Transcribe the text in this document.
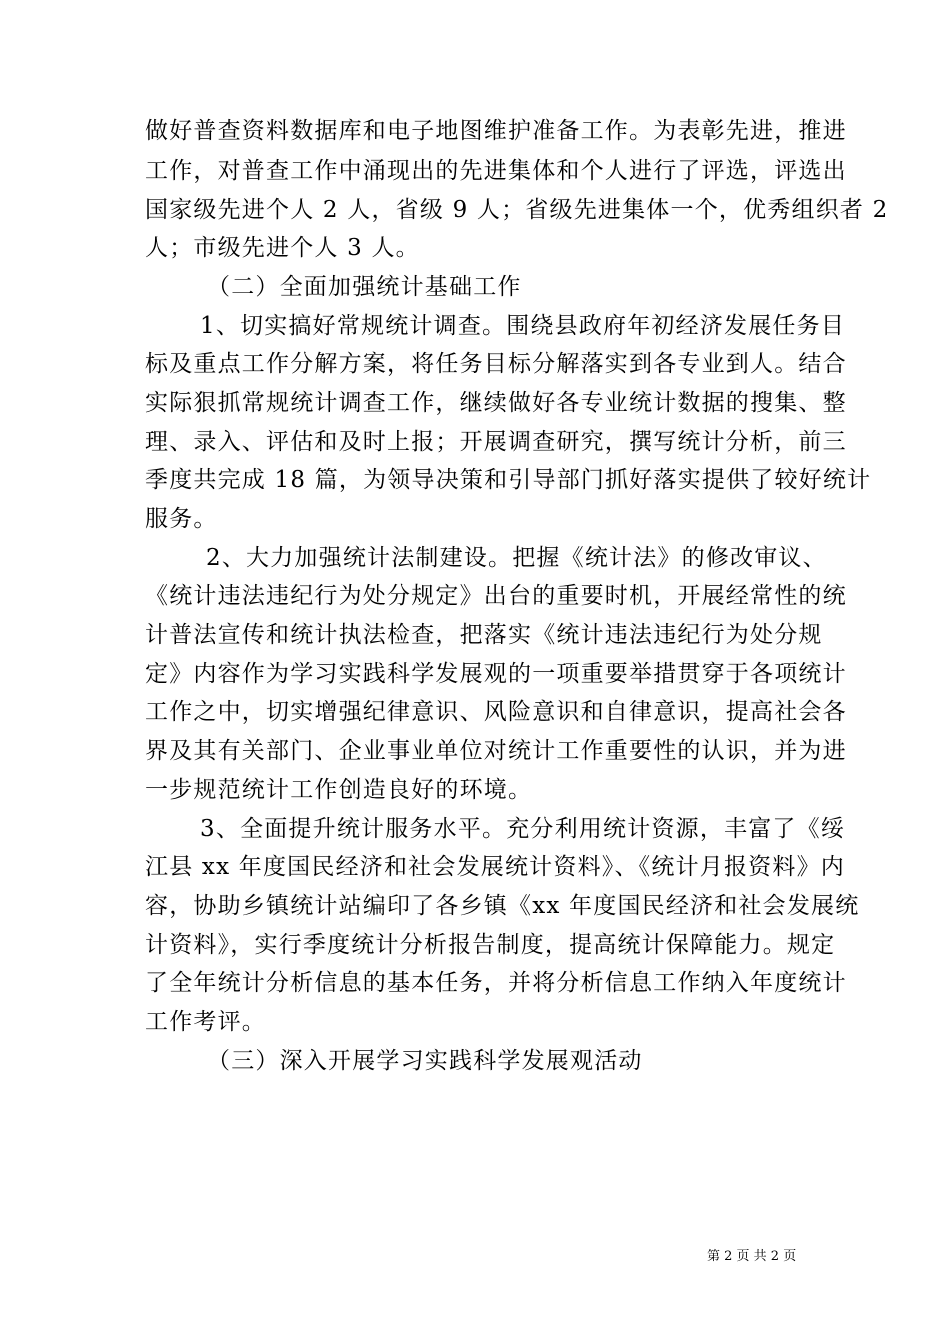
做好普查资料数据库和电子地图维护准备工作。为表彰先进，推进
工作，对普查工作中涌现出的先进集体和个人进行了评选，评选出
国家级先进个人 2 人，省级 9 人；省级先进集体一个，优秀组织者 2
人；市级先进个人 3 人。
（二）全面加强统计基础工作
1、切实搞好常规统计调查。围绕县政府年初经济发展任务目
标及重点工作分解方案，将任务目标分解落实到各专业到人。结合
实际狠抓常规统计调查工作，继续做好各专业统计数据的搜集、整
理、录入、评估和及时上报；开展调查研究，撰写统计分析，前三
季度共完成 18 篇，为领导决策和引导部门抓好落实提供了较好统计
服务。
2、大力加强统计法制建设。把握《统计法》的修改审议、
《统计违法违纪行为处分规定》出台的重要时机，开展经常性的统
计普法宣传和统计执法检查，把落实《统计违法违纪行为处分规
定》内容作为学习实践科学发展观的一项重要举措贯穿于各项统计
工作之中，切实增强纪律意识、风险意识和自律意识，提高社会各
界及其有关部门、企业事业单位对统计工作重要性的认识，并为进
一步规范统计工作创造良好的环境。
3、全面提升统计服务水平。充分利用统计资源，丰富了《绥
江县 xx 年度国民经济和社会发展统计资料》、《统计月报资料》内
容，协助乡镇统计站编印了各乡镇《xx 年度国民经济和社会发展统
计资料》，实行季度统计分析报告制度，提高统计保障能力。规定
了全年统计分析信息的基本任务，并将分析信息工作纳入年度统计
工作考评。
（三）深入开展学习实践科学发展观活动
第 2 页 共 2 页
